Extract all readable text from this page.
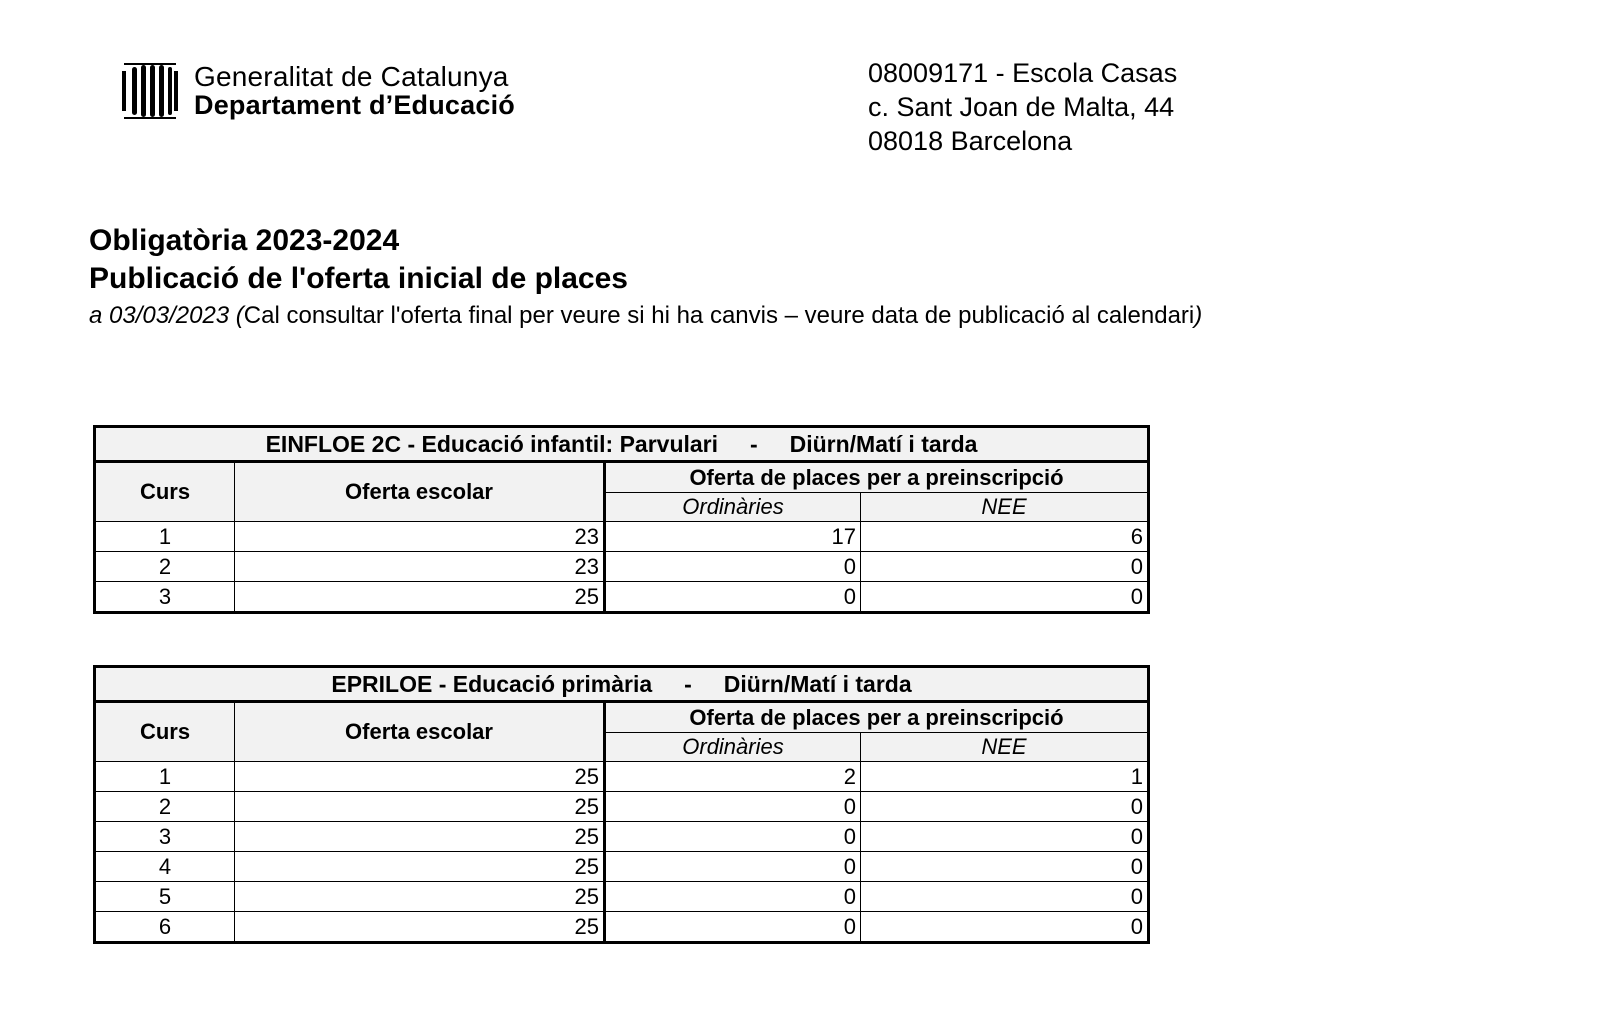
Generalitat de Catalunya
Departament d’Educació
08009171 - Escola Casas
c. Sant Joan de Malta, 44
08018 Barcelona
Obligatòria 2023-2024
Publicació de l'oferta inicial de places
a 03/03/2023 (Cal consultar l'oferta final per veure si hi ha canvis – veure data de publicació al calendari)
EINFLOE 2C - Educació infantil: Parvulari - Diürn/Matí i tarda			
Curs	Oferta escolar	Oferta de places per a preinscripció	
		Ordinàries	NEE
1	23	17	6
2	23	0	0
3	25	0	0
EPRILOE - Educació primària - Diürn/Matí i tarda			
Curs	Oferta escolar	Oferta de places per a preinscripció	
		Ordinàries	NEE
1	25	2	1
2	25	0	0
3	25	0	0
4	25	0	0
5	25	0	0
6	25	0	0
